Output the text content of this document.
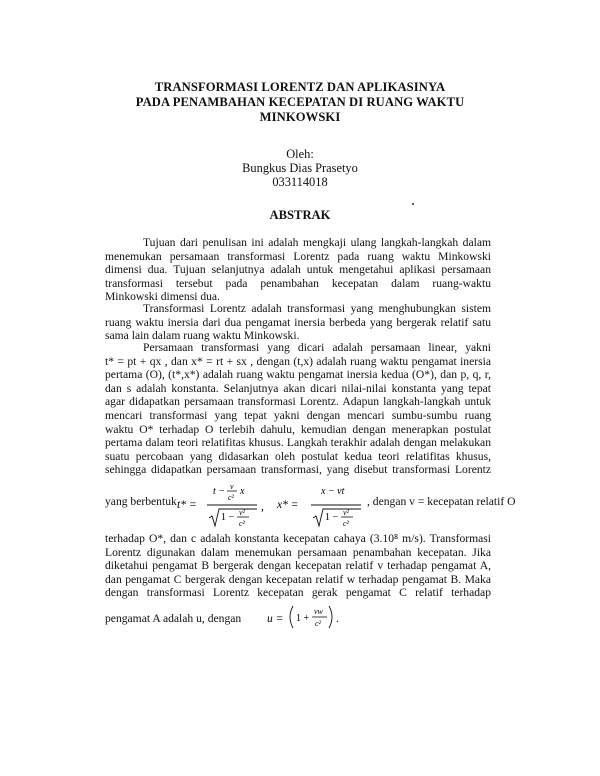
TRANSFORMASI LORENTZ DAN APLIKASINYA
PADA PENAMBAHAN KECEPATAN DI RUANG WAKTU
MINKOWSKI
Oleh:
Bungkus Dias Prasetyo
033114018
ABSTRAK
Tujuan dari penulisan ini adalah mengkaji ulang langkah-langkah dalam
menemukan persamaan transformasi Lorentz pada ruang waktu Minkowski
dimensi dua. Tujuan selanjutnya adalah untuk mengetahui aplikasi persamaan
transformasi tersebut pada penambahan kecepatan dalam ruang-waktu
Minkowski dimensi dua.
Transformasi Lorentz adalah transformasi yang menghubungkan sistem
ruang waktu inersia dari dua pengamat inersia berbeda yang bergerak relatif satu
sama lain dalam ruang waktu Minkowski.
Persamaan transformasi yang dicari adalah persamaan linear, yakni
t* = pt + qx , dan x* = rt + sx , dengan (t,x) adalah ruang waktu pengamat inersia
pertama (O), (t*,x*) adalah ruang waktu pengamat inersia kedua (O*), dan p, q, r,
dan s adalah konstanta. Selanjutnya akan dicari nilai-nilai konstanta yang tepat
agar didapatkan persamaan transformasi Lorentz. Adapun langkah-langkah untuk
mencari transformasi yang tepat yakni dengan mencari sumbu-sumbu ruang
waktu O* terhadap O terlebih dahulu, kemudian dengan menerapkan postulat
pertama dalam teori relatifitas khusus. Langkah terakhir adalah dengan melakukan
suatu percobaan yang didasarkan oleh postulat kedua teori relatifitas khusus,
sehingga didapatkan persamaan transformasi, yang disebut transformasi Lorentz
yang berbentuk t* =
t − v
c²
x
1 − v²
c²
, x* =
x − vt
1 − v²
c²
, dengan v = kecepatan relatif O
terhadap O*, dan c adalah konstanta kecepatan cahaya (3.10⁸ m/s). Transformasi
Lorentz digunakan dalam menemukan persamaan penambahan kecepatan. Jika
diketahui pengamat B bergerak dengan kecepatan relatif v terhadap pengamat A,
dan pengamat C bergerak dengan kecepatan relatif w terhadap pengamat B. Maka
dengan transformasi Lorentz kecepatan gerak pengamat C relatif terhadap
pengamat A adalah u, dengan u = 1 +
vw
c² .
